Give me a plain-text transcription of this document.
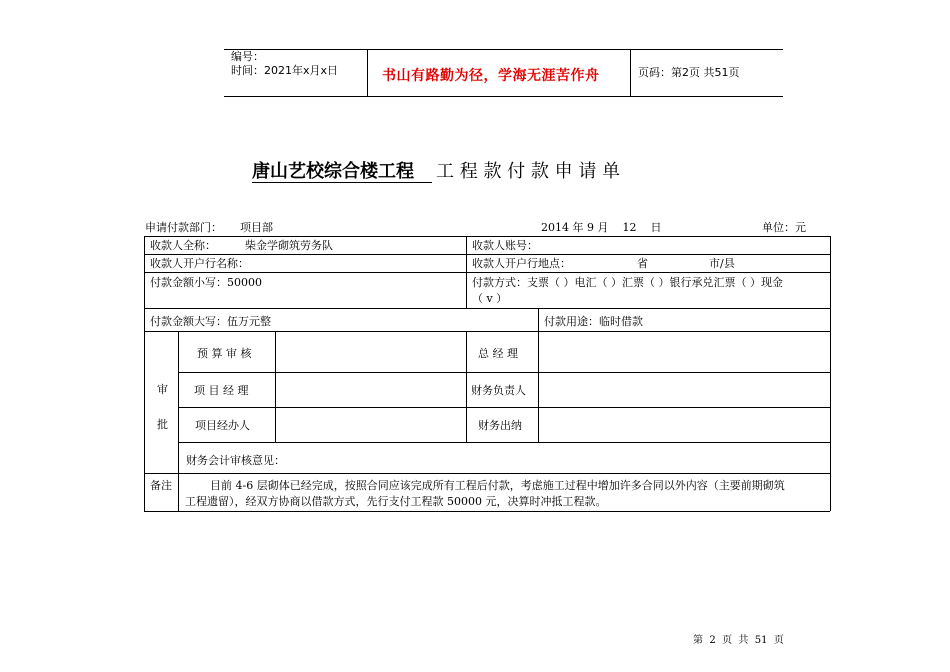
编号：
时间：2021年x月x日	书山有路勤为径，学海无涯苦作舟	页码：第2页 共51页
唐山艺校综合楼工程 工 程 款 付 款 申 请 单
申请付款部门： 项目部	2014 年 9 月    12    日	单位：元
收款人全称：	柴金学砌筑劳务队	收款人账号：
收款人开户行名称：	收款人开户行地点：	省	市/县
付款金额小写：50000	付款方式：支票（ ）电汇（ ）汇票（ ）银行承兑汇票（ ）现金
（ v ）
付款金额大写：伍万元整	付款用途：临时借款
审
批
预 算 审 核	总 经 理
项 目 经 理	财务负责人
项目经办人	财务出纳
财务会计审核意见：
备注	目前 4-6 层砌体已经完成，按照合同应该完成所有工程后付款，考虑施工过程中增加许多合同以外内容（主要前期砌筑
工程遗留），经双方协商以借款方式，先行支付工程款 50000 元，决算时冲抵工程款。
第  2  页  共  51  页
